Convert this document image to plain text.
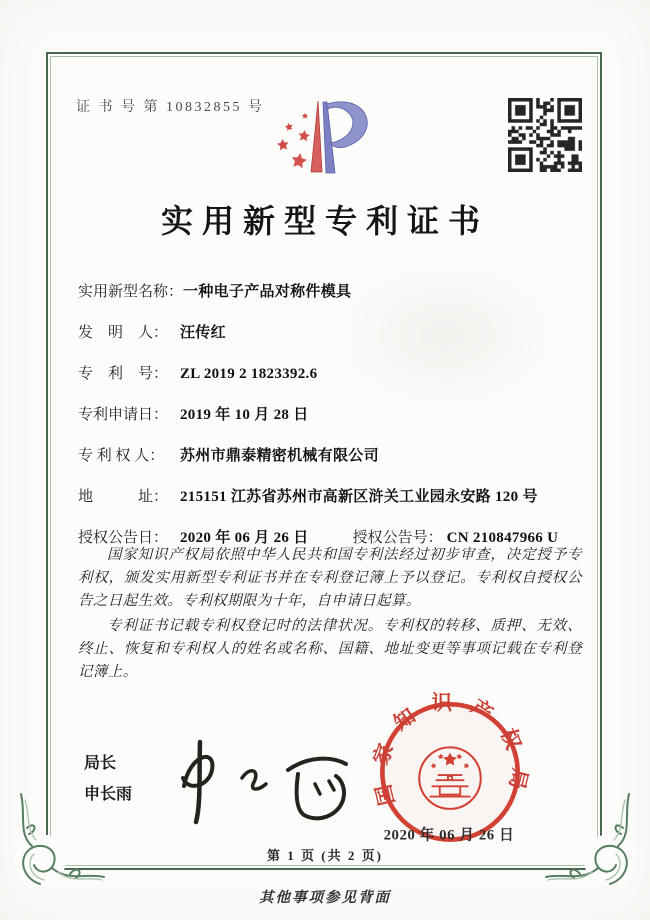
证 书 号 第 10832855 号
实用新型专利证书
实用新型名称： 一种电子产品对称件模具
发　明　人： 汪传红
专　利　号： ZL 2019 2 1823392.6
专利申请日： 2019 年 10 月 28 日
专 利 权 人：	苏州市鼎泰精密机械有限公司
地　　　址： 215151 江苏省苏州市高新区浒关工业园永安路 120 号
授权公告日： 2020 年 06 月 26 日	授权公告号： CN 210847966 U

国家知识产权局依照中华人民共和国专利法经过初步审查，决定授予专利权，颁发实用新型专利证书并在专利登记簿上予以登记。专利权自授权公告之日起生效。专利权期限为十年，自申请日起算。

专利证书记载专利权登记时的法律状况。专利权的转移、质押、无效、终止、恢复和专利权人的姓名或名称、国籍、地址变更等事项记载在专利登记簿上。

局长
申长雨	国家知识产权局
2020 年 06 月 26 日
第 1 页 (共 2 页)
其他事项参见背面
